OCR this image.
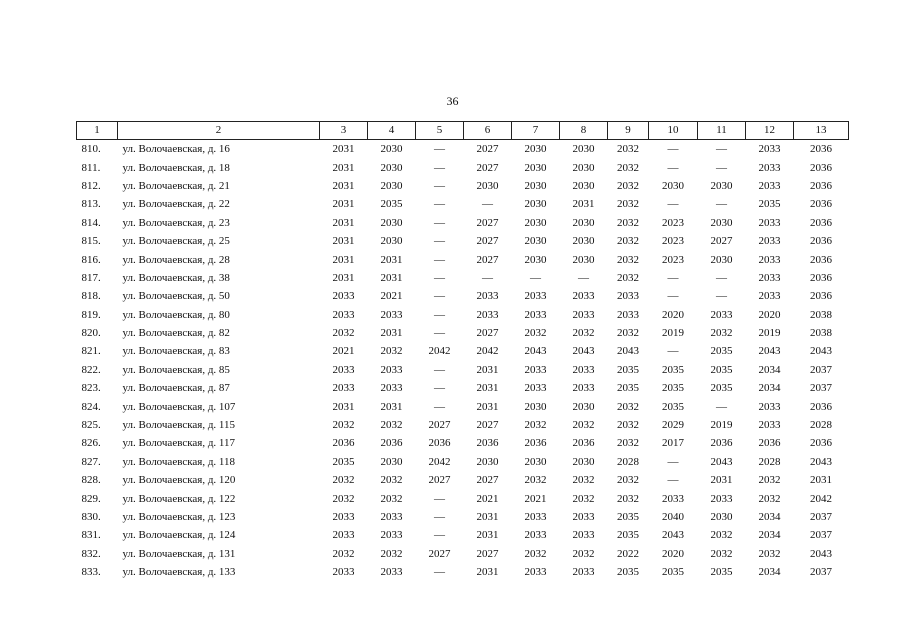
36
1	2	3	4	5	6	7	8	9	10	11	12	13
810.	ул. Волочаевская, д. 16	2031	2030	—	2027	2030	2030	2032	—	—	2033	2036
811.	ул. Волочаевская, д. 18	2031	2030	—	2027	2030	2030	2032	—	—	2033	2036
812.	ул. Волочаевская, д. 21	2031	2030	—	2030	2030	2030	2032	2030	2030	2033	2036
813.	ул. Волочаевская, д. 22	2031	2035	—	—	2030	2031	2032	—	—	2035	2036
814.	ул. Волочаевская, д. 23	2031	2030	—	2027	2030	2030	2032	2023	2030	2033	2036
815.	ул. Волочаевская, д. 25	2031	2030	—	2027	2030	2030	2032	2023	2027	2033	2036
816.	ул. Волочаевская, д. 28	2031	2031	—	2027	2030	2030	2032	2023	2030	2033	2036
817.	ул. Волочаевская, д. 38	2031	2031	—	—	—	—	2032	—	—	2033	2036
818.	ул. Волочаевская, д. 50	2033	2021	—	2033	2033	2033	2033	—	—	2033	2036
819.	ул. Волочаевская, д. 80	2033	2033	—	2033	2033	2033	2033	2020	2033	2020	2038
820.	ул. Волочаевская, д. 82	2032	2031	—	2027	2032	2032	2032	2019	2032	2019	2038
821.	ул. Волочаевская, д. 83	2021	2032	2042	2042	2043	2043	2043	—	2035	2043	2043
822.	ул. Волочаевская, д. 85	2033	2033	—	2031	2033	2033	2035	2035	2035	2034	2037
823.	ул. Волочаевская, д. 87	2033	2033	—	2031	2033	2033	2035	2035	2035	2034	2037
824.	ул. Волочаевская, д. 107	2031	2031	—	2031	2030	2030	2032	2035	—	2033	2036
825.	ул. Волочаевская, д. 115	2032	2032	2027	2027	2032	2032	2032	2029	2019	2033	2028
826.	ул. Волочаевская, д. 117	2036	2036	2036	2036	2036	2036	2032	2017	2036	2036	2036
827.	ул. Волочаевская, д. 118	2035	2030	2042	2030	2030	2030	2028	—	2043	2028	2043
828.	ул. Волочаевская, д. 120	2032	2032	2027	2027	2032	2032	2032	—	2031	2032	2031
829.	ул. Волочаевская, д. 122	2032	2032	—	2021	2021	2032	2032	2033	2033	2032	2042
830.	ул. Волочаевская, д. 123	2033	2033	—	2031	2033	2033	2035	2040	2030	2034	2037
831.	ул. Волочаевская, д. 124	2033	2033	—	2031	2033	2033	2035	2043	2032	2034	2037
832.	ул. Волочаевская, д. 131	2032	2032	2027	2027	2032	2032	2022	2020	2032	2032	2043
833.	ул. Волочаевская, д. 133	2033	2033	—	2031	2033	2033	2035	2035	2035	2034	2037
